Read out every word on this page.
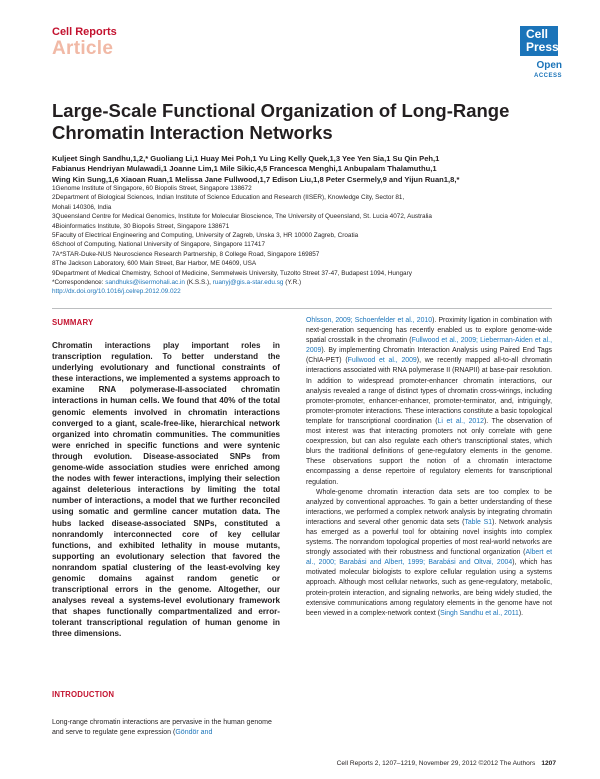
Cell Reports
Article
Cell
Press
Open
ACCESS
Large-Scale Functional Organization of Long-Range Chromatin Interaction Networks
Kuljeet Singh Sandhu,1,2,* Guoliang Li,1 Huay Mei Poh,1 Yu Ling Kelly Quek,1,3 Yee Yen Sia,1 Su Qin Peh,1
Fabianus Hendriyan Mulawadi,1 Joanne Lim,1 Mile Sikic,4,5 Francesca Menghi,1 Anbupalam Thalamuthu,1
Wing Kin Sung,1,6 Xiaoan Ruan,1 Melissa Jane Fullwood,1,7 Edison Liu,1,8 Peter Csermely,9 and Yijun Ruan1,8,*
1Genome Institute of Singapore, 60 Biopolis Street, Singapore 138672
2Department of Biological Sciences, Indian Institute of Science Education and Research (IISER), Knowledge City, Sector 81,
Mohali 140306, India
3Queensland Centre for Medical Genomics, Institute for Molecular Bioscience, The University of Queensland, St. Lucia 4072, Australia
4Bioinformatics Institute, 30 Biopolis Street, Singapore 138671
5Faculty of Electrical Engineering and Computing, University of Zagreb, Unska 3, HR 10000 Zagreb, Croatia
6School of Computing, National University of Singapore, Singapore 117417
7A*STAR-Duke-NUS Neuroscience Research Partnership, 8 College Road, Singapore 169857
8The Jackson Laboratory, 600 Main Street, Bar Harbor, ME 04609, USA
9Department of Medical Chemistry, School of Medicine, Semmelweis University, Tuzolto Street 37-47, Budapest 1094, Hungary
*Correspondence: sandhuks@iisermohali.ac.in (K.S.S.), ruanyj@gis.a-star.edu.sg (Y.R.)
http://dx.doi.org/10.1016/j.celrep.2012.09.022
SUMMARY
Chromatin interactions play important roles in transcription regulation. To better understand the underlying evolutionary and functional constraints of these interactions, we implemented a systems approach to examine RNA polymerase-II-associated chromatin interactions in human cells. We found that 40% of the total genomic elements involved in chromatin interactions converged to a giant, scale-free-like, hierarchical network organized into chromatin communities. The communities were enriched in specific functions and were syntenic through evolution. Disease-associated SNPs from genome-wide association studies were enriched among the nodes with fewer interactions, implying their selection against deleterious interactions by limiting the total number of interactions, a model that we further reconciled using somatic and germline cancer mutation data. The hubs lacked disease-associated SNPs, constituted a nonrandomly interconnected core of key cellular functions, and exhibited lethality in mouse mutants, supporting an evolutionary selection that favored the nonrandom spatial clustering of the least-evolving key genomic domains against random genetic or transcriptional errors in the genome. Altogether, our analyses reveal a systems-level evolutionary framework that shapes functionally compartmentalized and error-tolerant transcriptional regulation of human genome in three dimensions.
INTRODUCTION
Long-range chromatin interactions are pervasive in the human genome and serve to regulate gene expression (Göndör and

Ohlsson, 2009; Schoenfelder et al., 2010). Proximity ligation in combination with next-generation sequencing has recently enabled us to explore genome-wide spatial crosstalk in the chromatin (Fullwood et al., 2009; Lieberman-Aiden et al., 2009). By implementing Chromatin Interaction Analysis using Paired End Tags (ChIA-PET) (Fullwood et al., 2009), we recently mapped all-to-all chromatin interactions associated with RNA polymerase II (RNAPII) at base-pair resolution. In addition to widespread promoter-enhancer chromatin interactions, our analysis revealed a range of distinct types of chromatin cross-wirings, including promoter-promoter, enhancer-enhancer, promoter-terminator, and, intriguingly, promoter-promoter interactions. These interactions constitute a basic topological template for transcriptional coordination (Li et al., 2012). The observation of most interest was that interacting promoters not only correlate with gene coexpression, but can also regulate each other's transcriptional states, which blurs the traditional definitions of gene-regulatory elements in the genome. These observations support the notion of a chromatin interactome encompassing a dense repertoire of regulatory elements for transcriptional regulation.

Whole-genome chromatin interaction data sets are too complex to be analyzed by conventional approaches. To gain a better understanding of these interactions, we performed a complex network analysis by integrating chromatin interactions and several other genomic data sets (Table S1). Network analysis has emerged as a powerful tool for obtaining novel insights into complex systems. The nonrandom topological properties of most real-world networks are strongly associated with their robustness and functional organization (Albert et al., 2000; Barabási and Albert, 1999; Barabási and Oltvai, 2004), which has motivated molecular biologists to explore cellular regulation using a systems approach. Although most cellular networks, such as gene-regulatory, metabolic, protein-protein interaction, and signaling networks, are being widely studied, the extensive communications among regulatory elements in the genome have not been viewed in a complex-network context (Singh Sandhu et al., 2011).

Cell Reports 2, 1207–1219, November 29, 2012 ©2012 The Authors 1207
